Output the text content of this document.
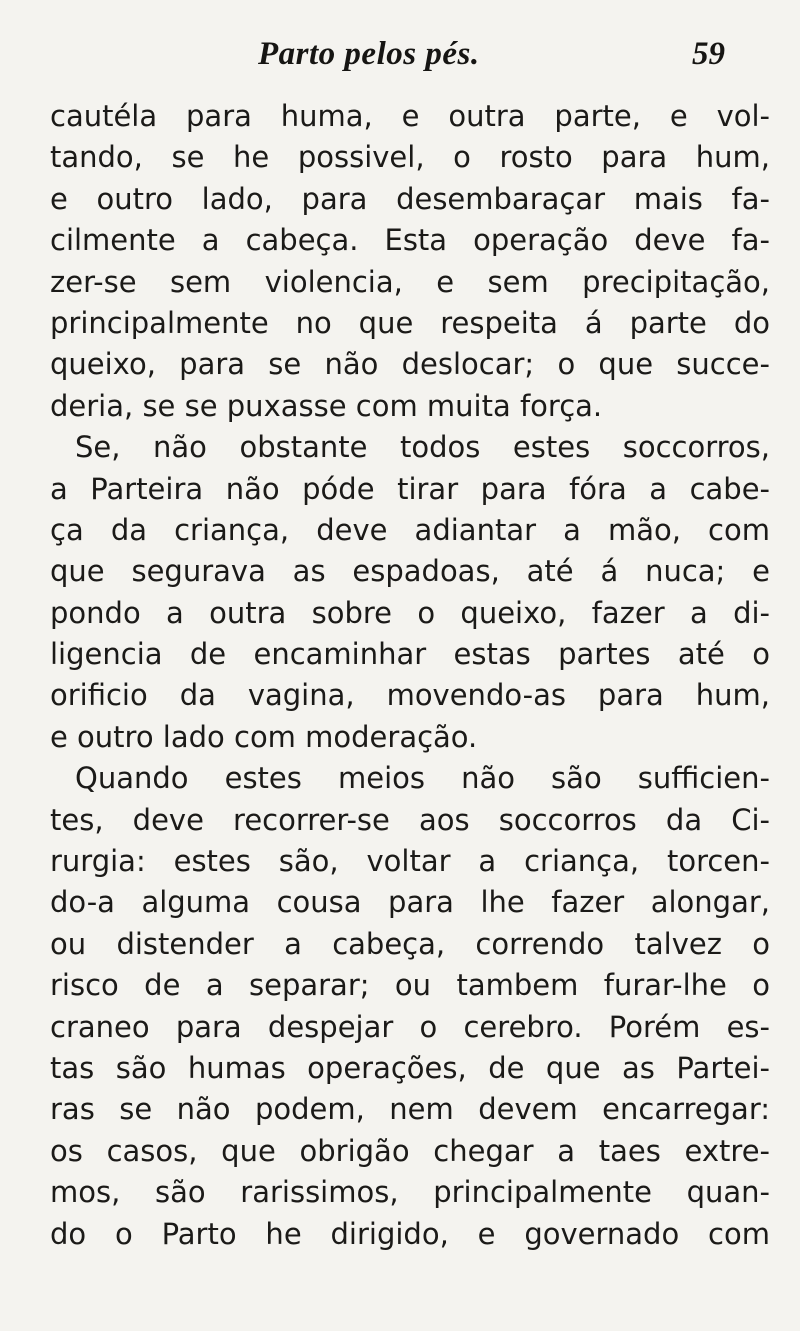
Parto pelos pés.	59
cautéla para huma, e outra parte, e vol-
tando, se he possivel, o rosto para hum,
e outro lado, para desembaraçar mais fa-
cilmente a cabeça. Esta operação deve fa-
zer-se sem violencia, e sem precipitação,
principalmente no que respeita á parte do
queixo, para se não deslocar; o que succe-
deria, se se puxasse com muita força.
Se, não obstante todos estes soccorros,
a Parteira não póde tirar para fóra a cabe-
ça da criança, deve adiantar a mão, com
que segurava as espadoas, até á nuca; e
pondo a outra sobre o queixo, fazer a di-
ligencia de encaminhar estas partes até o
orificio da vagina, movendo-as para hum,
e outro lado com moderação.
Quando estes meios não são sufficien-
tes, deve recorrer-se aos soccorros da Ci-
rurgia: estes são, voltar a criança, torcen-
do-a alguma cousa para lhe fazer alongar,
ou distender a cabeça, correndo talvez o
risco de a separar; ou tambem furar-lhe o
craneo para despejar o cerebro. Porém es-
tas são humas operações, de que as Partei-
ras se não podem, nem devem encarregar:
os casos, que obrigão chegar a taes extre-
mos, são rarissimos, principalmente quan-
do o Parto he dirigido, e governado com
